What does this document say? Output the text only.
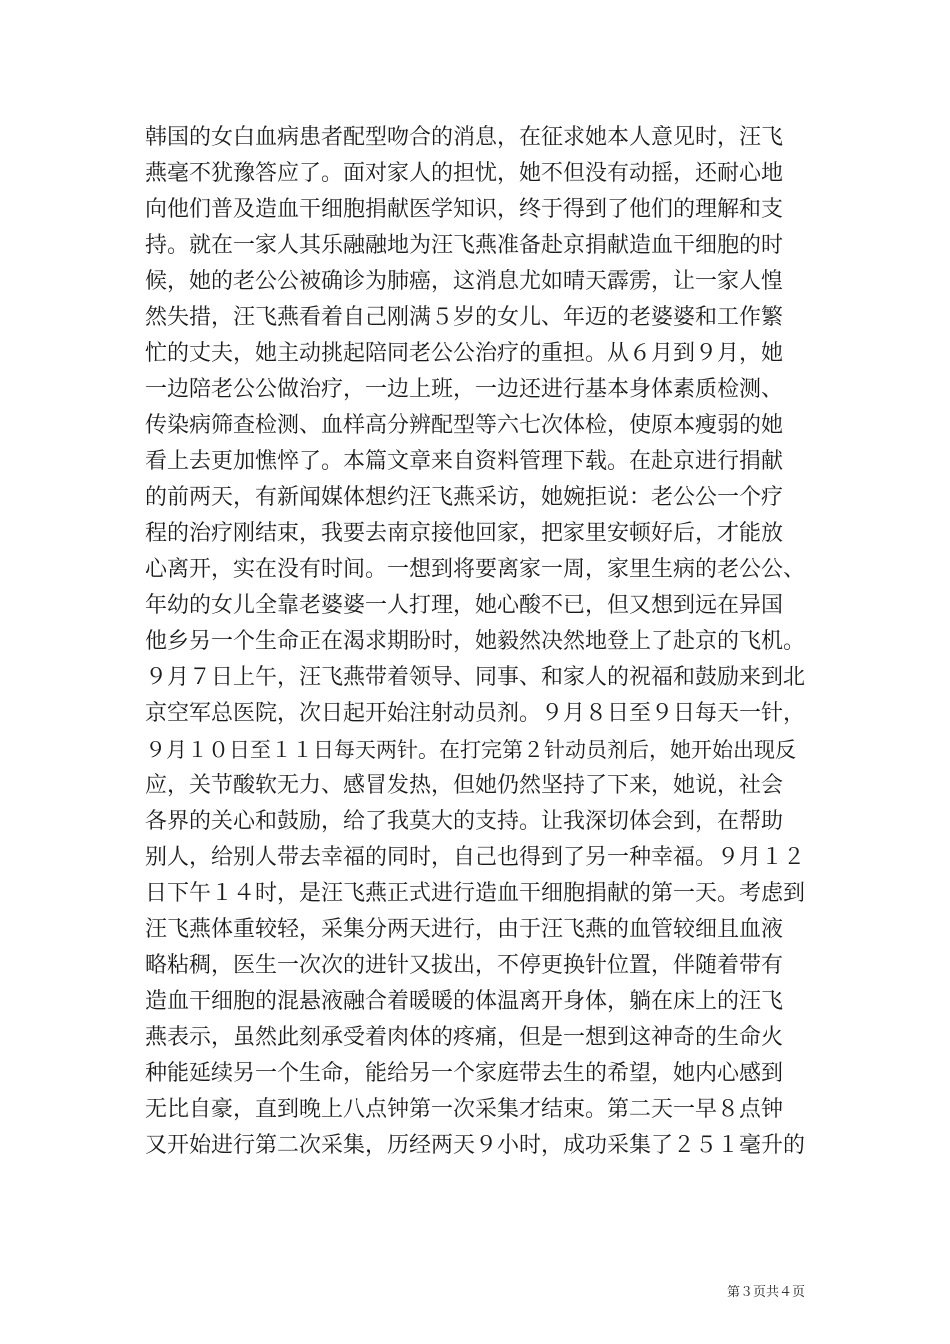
韩国的女白血病患者配型吻合的消息，在征求她本人意见时，汪飞
燕毫不犹豫答应了。面对家人的担忧，她不但没有动摇，还耐心地
向他们普及造血干细胞捐献医学知识，终于得到了他们的理解和支
持。就在一家人其乐融融地为汪飞燕准备赴京捐献造血干细胞的时
候，她的老公公被确诊为肺癌，这消息尤如晴天霹雳，让一家人惶
然失措，汪飞燕看着自己刚满５岁的女儿、年迈的老婆婆和工作繁
忙的丈夫，她主动挑起陪同老公公治疗的重担。从６月到９月，她
一边陪老公公做治疗，一边上班，一边还进行基本身体素质检测、
传染病筛查检测、血样高分辨配型等六七次体检，使原本瘦弱的她
看上去更加憔悴了。本篇文章来自资料管理下载。在赴京进行捐献
的前两天，有新闻媒体想约汪飞燕采访，她婉拒说：老公公一个疗
程的治疗刚结束，我要去南京接他回家，把家里安顿好后，才能放
心离开，实在没有时间。一想到将要离家一周，家里生病的老公公、
年幼的女儿全靠老婆婆一人打理，她心酸不已，但又想到远在异国
他乡另一个生命正在渴求期盼时，她毅然决然地登上了赴京的飞机。
９月７日上午，汪飞燕带着领导、同事、和家人的祝福和鼓励来到北
京空军总医院，次日起开始注射动员剂。９月８日至９日每天一针，
９月１０日至１１日每天两针。在打完第２针动员剂后，她开始出现反
应，关节酸软无力、感冒发热，但她仍然坚持了下来，她说，社会
各界的关心和鼓励，给了我莫大的支持。让我深切体会到，在帮助
别人，给别人带去幸福的同时，自己也得到了另一种幸福。９月１２
日下午１４时，是汪飞燕正式进行造血干细胞捐献的第一天。考虑到
汪飞燕体重较轻，采集分两天进行，由于汪飞燕的血管较细且血液
略粘稠，医生一次次的进针又拔出，不停更换针位置，伴随着带有
造血干细胞的混悬液融合着暖暖的体温离开身体，躺在床上的汪飞
燕表示，虽然此刻承受着肉体的疼痛，但是一想到这神奇的生命火
种能延续另一个生命，能给另一个家庭带去生的希望，她内心感到
无比自豪，直到晚上八点钟第一次采集才结束。第二天一早８点钟
又开始进行第二次采集，历经两天９小时，成功采集了２５１毫升的
第３页共４页
